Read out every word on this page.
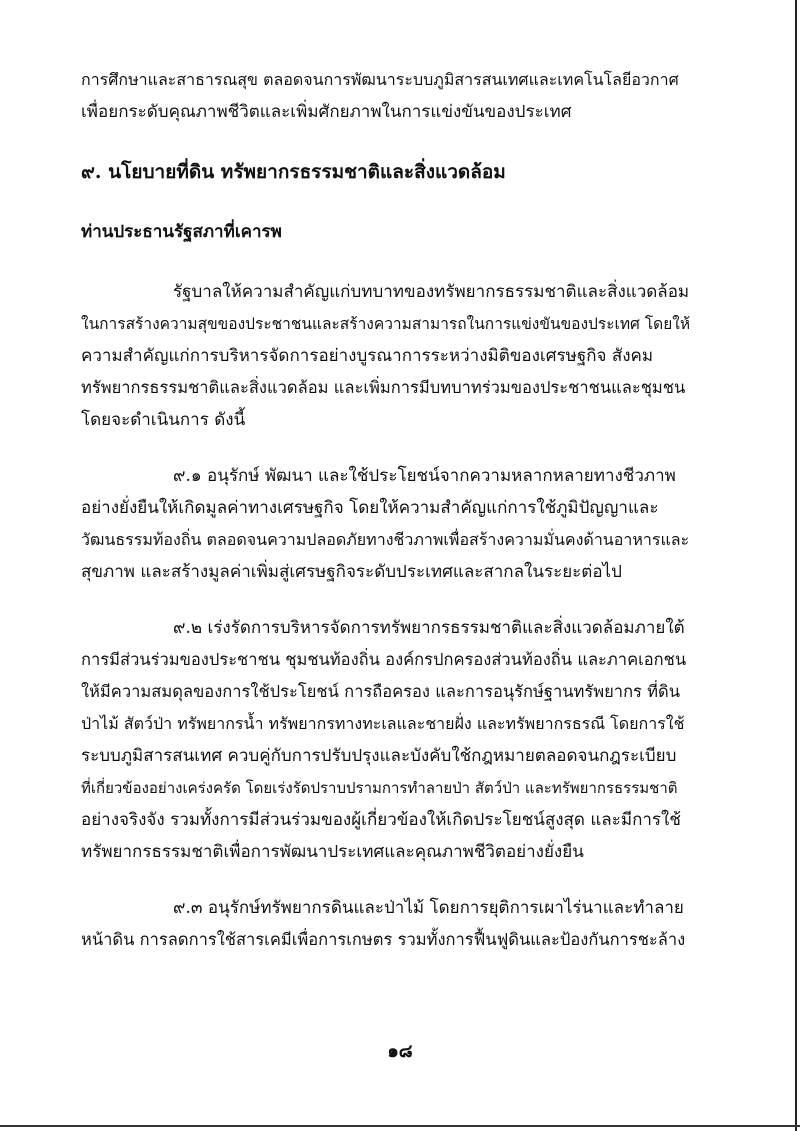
การศึกษาและสาธารณสุข ตลอดจนการพัฒนาระบบภูมิสารสนเทศและเทคโนโลยีอวกาศ

เพื่อยกระดับคุณภาพชีวิตและเพิ่มศักยภาพในการแข่งขันของประเทศ

๙. นโยบายที่ดิน ทรัพยากรธรรมชาติและสิ่งแวดล้อม

ท่านประธานรัฐสภาที่เคารพ

รัฐบาลให้ความสำคัญแก่บทบาทของทรัพยากรธรรมชาติและสิ่งแวดล้อม

ในการสร้างความสุขของประชาชนและสร้างความสามารถในการแข่งขันของประเทศ โดยให้

ความสำคัญแก่การบริหารจัดการอย่างบูรณาการระหว่างมิติของเศรษฐกิจ สังคม

ทรัพยากรธรรมชาติและสิ่งแวดล้อม และเพิ่มการมีบทบาทร่วมของประชาชนและชุมชน

โดยจะดำเนินการ ดังนี้

๙.๑ อนุรักษ์ พัฒนา และใช้ประโยชน์จากความหลากหลายทางชีวภาพ

อย่างยั่งยืนให้เกิดมูลค่าทางเศรษฐกิจ โดยให้ความสำคัญแก่การใช้ภูมิปัญญาและ

วัฒนธรรมท้องถิ่น ตลอดจนความปลอดภัยทางชีวภาพเพื่อสร้างความมั่นคงด้านอาหารและ

สุขภาพ และสร้างมูลค่าเพิ่มสู่เศรษฐกิจระดับประเทศและสากลในระยะต่อไป

๙.๒ เร่งรัดการบริหารจัดการทรัพยากรธรรมชาติและสิ่งแวดล้อมภายใต้

การมีส่วนร่วมของประชาชน ชุมชนท้องถิ่น องค์กรปกครองส่วนท้องถิ่น และภาคเอกชน

ให้มีความสมดุลของการใช้ประโยชน์ การถือครอง และการอนุรักษ์ฐานทรัพยากร ที่ดิน

ป่าไม้ สัตว์ป่า ทรัพยากรน้ำ ทรัพยากรทางทะเลและชายฝั่ง และทรัพยากรธรณี โดยการใช้

ระบบภูมิสารสนเทศ ควบคู่กับการปรับปรุงและบังคับใช้กฎหมายตลอดจนกฎระเบียบ

ที่เกี่ยวข้องอย่างเคร่งครัด โดยเร่งรัดปราบปรามการทำลายป่า สัตว์ป่า และทรัพยากรธรรมชาติ

อย่างจริงจัง รวมทั้งการมีส่วนร่วมของผู้เกี่ยวข้องให้เกิดประโยชน์สูงสุด และมีการใช้

ทรัพยากรธรรมชาติเพื่อการพัฒนาประเทศและคุณภาพชีวิตอย่างยั่งยืน

๙.๓ อนุรักษ์ทรัพยากรดินและป่าไม้ โดยการยุติการเผาไร่นาและทำลาย

หน้าดิน การลดการใช้สารเคมีเพื่อการเกษตร รวมทั้งการฟื้นฟูดินและป้องกันการชะล้าง

๑๘
